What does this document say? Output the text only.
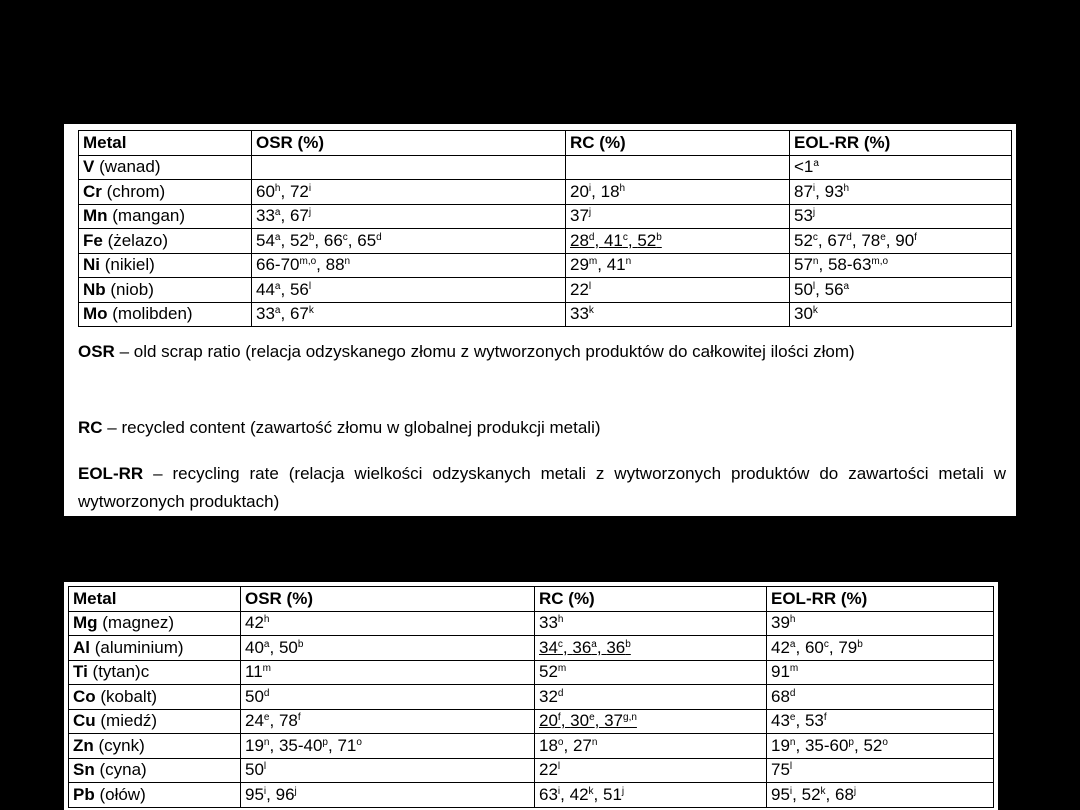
Metal	OSR (%)	RC (%)	EOL-RR (%)
V (wanad)			$<1^a$
Cr (chrom)	60$^h$, 72$^i$	20$^i$, 18$^h$	87$^i$, 93$^h$
Mn (mangan)	33$^a$, 67$^j$	37$^j$	53$^j$
Fe (żelazo)	54$^a$, 52$^b$, 66$^c$, 65$^d$	28$^d$, 41$^c$, 52$^b$	52$^c$, 67$^d$, 78e, 90$^f$
Ni (nikiel)	66-70$^{m,o}$, 88$^n$	29$^m$, 41$^n$	57$^n$, 58-63$^{m,o}$
Nb (niob)	44$^a$, 56$^l$	22$^l$	50$^l$, 56$^a$
Mo (molibden)	33$^a$, 67$^k$	33$^k$	30$^k$
OSR – old scrap ratio (relacja odzyskanego złomu z wytworzonych produktów do całkowitej ilości złom)
RC – recycled content (zawartość złomu w globalnej produkcji metali)
EOL-RR – recycling rate (relacja wielkości odzyskanych metali z wytworzonych produktów do zawartości metali w wytworzonych produktach)
Metal	OSR (%)	RC (%)	EOL-RR (%)
Mg (magnez)	42$^h$	33$^h$	39$^h$
Al (aluminium)	40$^a$, 50$^b$	34$^c$, 36$^a$, 36$^b$	42$^a$, 60$^c$, 79$^b$
Ti (tytan)c	11$^m$	52$^m$	91$^m$
Co (kobalt)	50$^d$	32$^d$	68$^d$
Cu (miedź)	24e, 78$^f$	20$^f$, 30e, 37$^{g,n}$	43e, 53$^f$
Zn (cynk)	19$^n$, 35-40$^p$, 71$^o$	18$^o$, 27$^n$	19$^n$, 35-60$^p$, 52$^o$
Sn (cyna)	50$^l$	22$^l$	75$^l$
Pb (ołów)	95$^i$, 96$^j$	63$^i$, 42$^k$, 51$^j$	95$^i$, 52$^k$, 68$^j$
